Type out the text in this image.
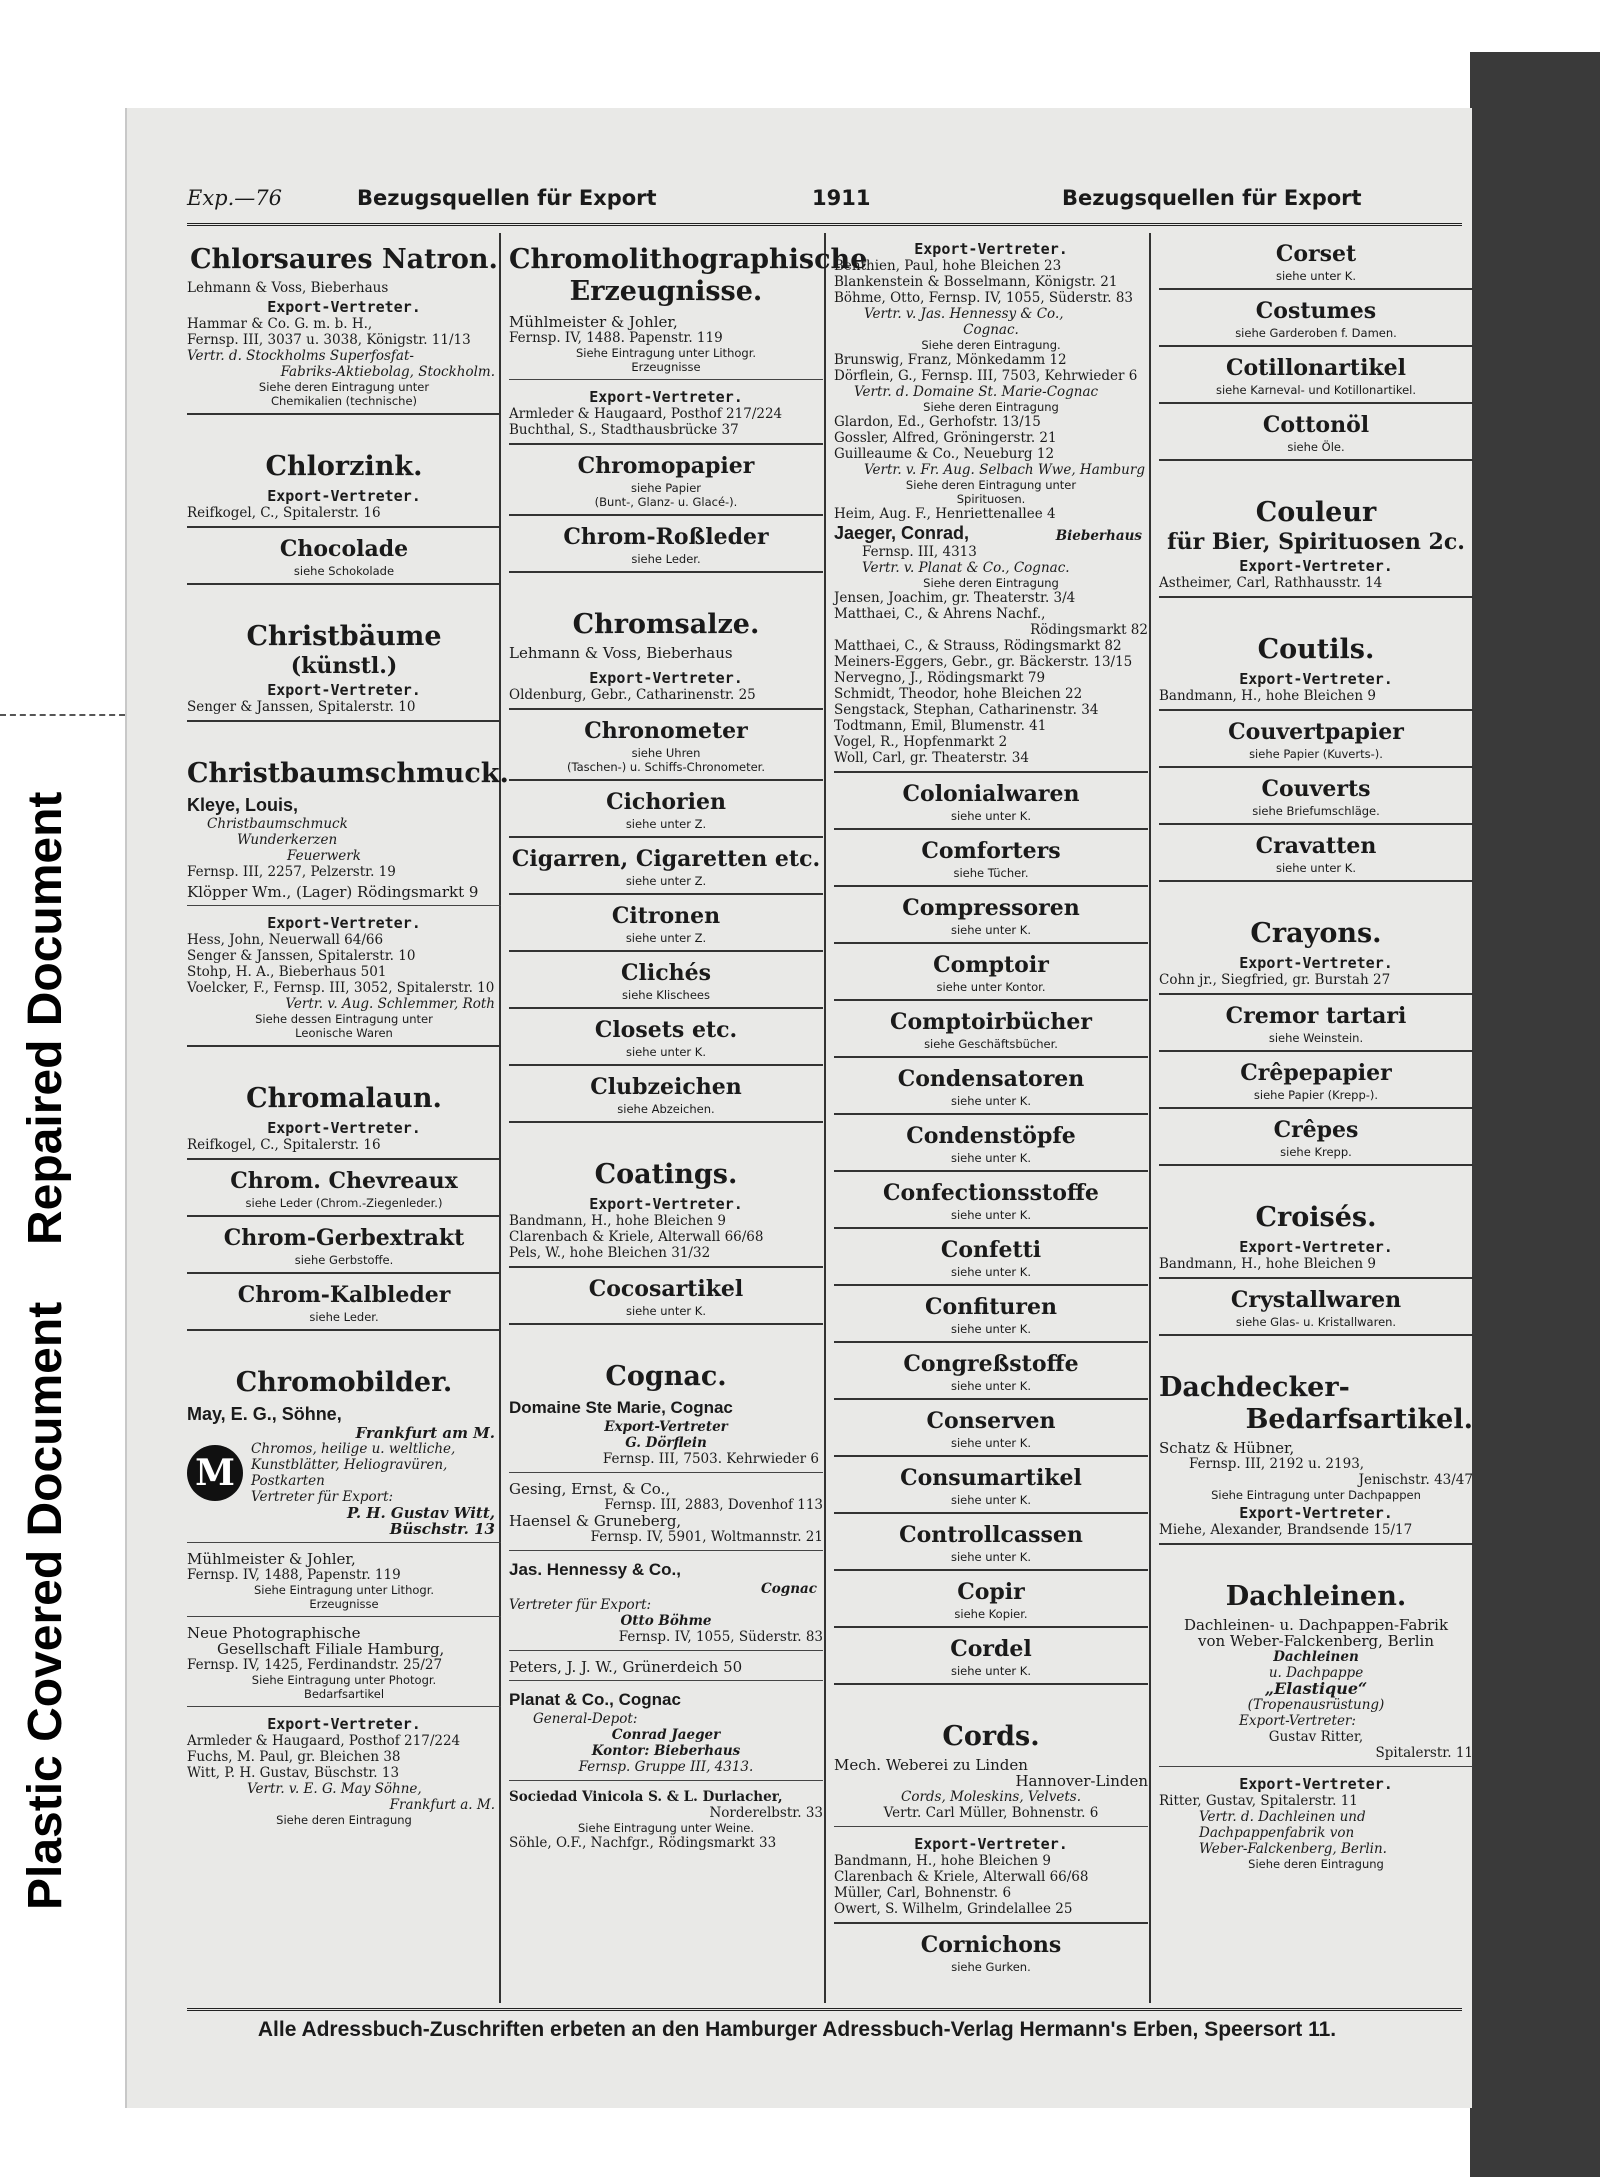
Repaired Document
Plastic Covered Document
Exp.—76	Bezugsquellen für Export	1911	Bezugsquellen für Export
Chlorsaures Natron.
Lehmann & Voss, Bieberhaus
Export-Vertreter.
Hammar & Co. G. m. b. H.,
Fernsp. III, 3037 u. 3038, Königstr. 11/13
Vertr. d. Stockholms Superfosfat-
Fabriks-Aktiebolag, Stockholm.
Siehe deren Eintragung unter
Chemikalien (technische)
Chlorzink.
Export-Vertreter.
Reifkogel, C., Spitalerstr. 16
Chocolade
siehe Schokolade
Christbäume
(künstl.)
Export-Vertreter.
Senger & Janssen, Spitalerstr. 10
Christbaumschmuck.
Kleye, Louis,
Christbaumschmuck
Wunderkerzen
Feuerwerk
Fernsp. III, 2257, Pelzerstr. 19
Klöpper Wm., (Lager) Rödingsmarkt 9
Export-Vertreter.
Hess, John, Neuerwall 64/66
Senger & Janssen, Spitalerstr. 10
Stohp, H. A., Bieberhaus 501
Voelcker, F., Fernsp. III, 3052, Spitalerstr. 10
Vertr. v. Aug. Schlemmer, Roth
Siehe dessen Eintragung unter
Leonische Waren
Chromalaun.
Export-Vertreter.
Reifkogel, C., Spitalerstr. 16
Chrom. Chevreaux
siehe Leder (Chrom.-Ziegenleder.)
Chrom-Gerbextrakt
siehe Gerbstoffe.
Chrom-Kalbleder
siehe Leder.
Chromobilder.
May, E. G., Söhne,
Frankfurt am M.
M
Chromos, heilige u. weltliche,
Kunstblätter, Heliogravüren,
Postkarten
Vertreter für Export:
P. H. Gustav Witt,
Büschstr. 13
Mühlmeister & Johler,
Fernsp. IV, 1488, Papenstr. 119
Siehe Eintragung unter Lithogr.
Erzeugnisse
Neue Photographische
Gesellschaft Filiale Hamburg,
Fernsp. IV, 1425, Ferdinandstr. 25/27
Siehe Eintragung unter Photogr.
Bedarfsartikel
Export-Vertreter.
Armleder & Haugaard, Posthof 217/224
Fuchs, M. Paul, gr. Bleichen 38
Witt, P. H. Gustav, Büschstr. 13
Vertr. v. E. G. May Söhne,
Frankfurt a. M.
Siehe deren Eintragung
Chromolithographische Erzeugnisse.
Mühlmeister & Johler,
Fernsp. IV, 1488. Papenstr. 119
Siehe Eintragung unter Lithogr.
Erzeugnisse
Export-Vertreter.
Armleder & Haugaard, Posthof 217/224
Buchthal, S., Stadthausbrücke 37
Chromopapier
siehe Papier
(Bunt-, Glanz- u. Glacé-).
Chrom-Roßleder
siehe Leder.
Chromsalze.
Lehmann & Voss, Bieberhaus
Export-Vertreter.
Oldenburg, Gebr., Catharinenstr. 25
Chronometer
siehe Uhren
(Taschen-) u. Schiffs-Chronometer.
Cichorien
siehe unter Z.
Cigarren, Cigaretten etc.
siehe unter Z.
Citronen
siehe unter Z.
Clichés
siehe Klischees
Closets etc.
siehe unter K.
Clubzeichen
siehe Abzeichen.
Coatings.
Export-Vertreter.
Bandmann, H., hohe Bleichen 9
Clarenbach & Kriele, Alterwall 66/68
Pels, W., hohe Bleichen 31/32
Cocosartikel
siehe unter K.
Cognac.
Domaine Ste Marie, Cognac
Export-Vertreter
G. Dörflein
Fernsp. III, 7503. Kehrwieder 6
Gesing, Ernst, & Co.,
Fernsp. III, 2883, Dovenhof 113
Haensel & Gruneberg,
Fernsp. IV, 5901, Woltmannstr. 21
Jas. Hennessy & Co.,
Cognac
Vertreter für Export:
Otto Böhme
Fernsp. IV, 1055, Süderstr. 83
Peters, J. J. W., Grünerdeich 50
Planat & Co., Cognac
General-Depot:
Conrad Jaeger
Kontor: Bieberhaus
Fernsp. Gruppe III, 4313.
Sociedad Vinicola S. & L. Durlacher,
Norderelbstr. 33
Siehe Eintragung unter Weine.
Söhle, O.F., Nachfgr., Rödingsmarkt 33
Export-Vertreter.
Benthien, Paul, hohe Bleichen 23
Blankenstein & Bosselmann, Königstr. 21
Böhme, Otto, Fernsp. IV, 1055, Süderstr. 83
Vertr. v. Jas. Hennessy & Co.,
Cognac.
Siehe deren Eintragung.
Brunswig, Franz, Mönkedamm 12
Dörflein, G., Fernsp. III, 7503, Kehrwieder 6
Vertr. d. Domaine St. Marie-Cognac
Siehe deren Eintragung
Glardon, Ed., Gerhofstr. 13/15
Gossler, Alfred, Gröningerstr. 21
Guilleaume & Co., Neueburg 12
Vertr. v. Fr. Aug. Selbach Wwe, Hamburg
Siehe deren Eintragung unter
Spirituosen.
Heim, Aug. F., Henriettenallee 4
Jaeger, Conrad,	Bieberhaus
Fernsp. III, 4313
Vertr. v. Planat & Co., Cognac.
Siehe deren Eintragung
Jensen, Joachim, gr. Theaterstr. 3/4
Matthaei, C., & Ahrens Nachf.,
Rödingsmarkt 82
Matthaei, C., & Strauss, Rödingsmarkt 82
Meiners-Eggers, Gebr., gr. Bäckerstr. 13/15
Nervegno, J., Rödingsmarkt 79
Schmidt, Theodor, hohe Bleichen 22
Sengstack, Stephan, Catharinenstr. 34
Todtmann, Emil, Blumenstr. 41
Vogel, R., Hopfenmarkt 2
Woll, Carl, gr. Theaterstr. 34
Colonialwaren
siehe unter K.
Comforters
siehe Tücher.
Compressoren
siehe unter K.
Comptoir
siehe unter Kontor.
Comptoirbücher
siehe Geschäftsbücher.
Condensatoren
siehe unter K.
Condenstöpfe
siehe unter K.
Confectionsstoffe
siehe unter K.
Confetti
siehe unter K.
Confituren
siehe unter K.
Congreßstoffe
siehe unter K.
Conserven
siehe unter K.
Consumartikel
siehe unter K.
Controllcassen
siehe unter K.
Copir
siehe Kopier.
Cordel
siehe unter K.
Cords.
Mech. Weberei zu Linden
Hannover-Linden
Cords, Moleskins, Velvets.
Vertr. Carl Müller, Bohnenstr. 6
Export-Vertreter.
Bandmann, H., hohe Bleichen 9
Clarenbach & Kriele, Alterwall 66/68
Müller, Carl, Bohnenstr. 6
Owert, S. Wilhelm, Grindelallee 25
Cornichons
siehe Gurken.
Corset
siehe unter K.
Costumes
siehe Garderoben f. Damen.
Cotillonartikel
siehe Karneval- und Kotillonartikel.
Cottonöl
siehe Öle.
Couleur
für Bier, Spirituosen 2c.
Export-Vertreter.
Astheimer, Carl, Rathhausstr. 14
Coutils.
Export-Vertreter.
Bandmann, H., hohe Bleichen 9
Couvertpapier
siehe Papier (Kuverts-).
Couverts
siehe Briefumschläge.
Cravatten
siehe unter K.
Crayons.
Export-Vertreter.
Cohn jr., Siegfried, gr. Burstah 27
Cremor tartari
siehe Weinstein.
Crêpepapier
siehe Papier (Krepp-).
Crêpes
siehe Krepp.
Croisés.
Export-Vertreter.
Bandmann, H., hohe Bleichen 9
Crystallwaren
siehe Glas- u. Kristallwaren.
Dachdecker-
Bedarfsartikel.
Schatz & Hübner,
Fernsp. III, 2192 u. 2193,
Jenischstr. 43/47
Siehe Eintragung unter Dachpappen
Export-Vertreter.
Miehe, Alexander, Brandsende 15/17
Dachleinen.
Dachleinen- u. Dachpappen-Fabrik
von Weber-Falckenberg, Berlin
Dachleinen
u. Dachpappe
„Elastique“
(Tropenausrüstung)
Export-Vertreter:
Gustav Ritter,
Spitalerstr. 11
Export-Vertreter.
Ritter, Gustav, Spitalerstr. 11
Vertr. d. Dachleinen und
Dachpappenfabrik von
Weber-Falckenberg, Berlin.
Siehe deren Eintragung
Alle Adressbuch-Zuschriften erbeten an den Hamburger Adressbuch-Verlag Hermann's Erben, Speersort 11.
